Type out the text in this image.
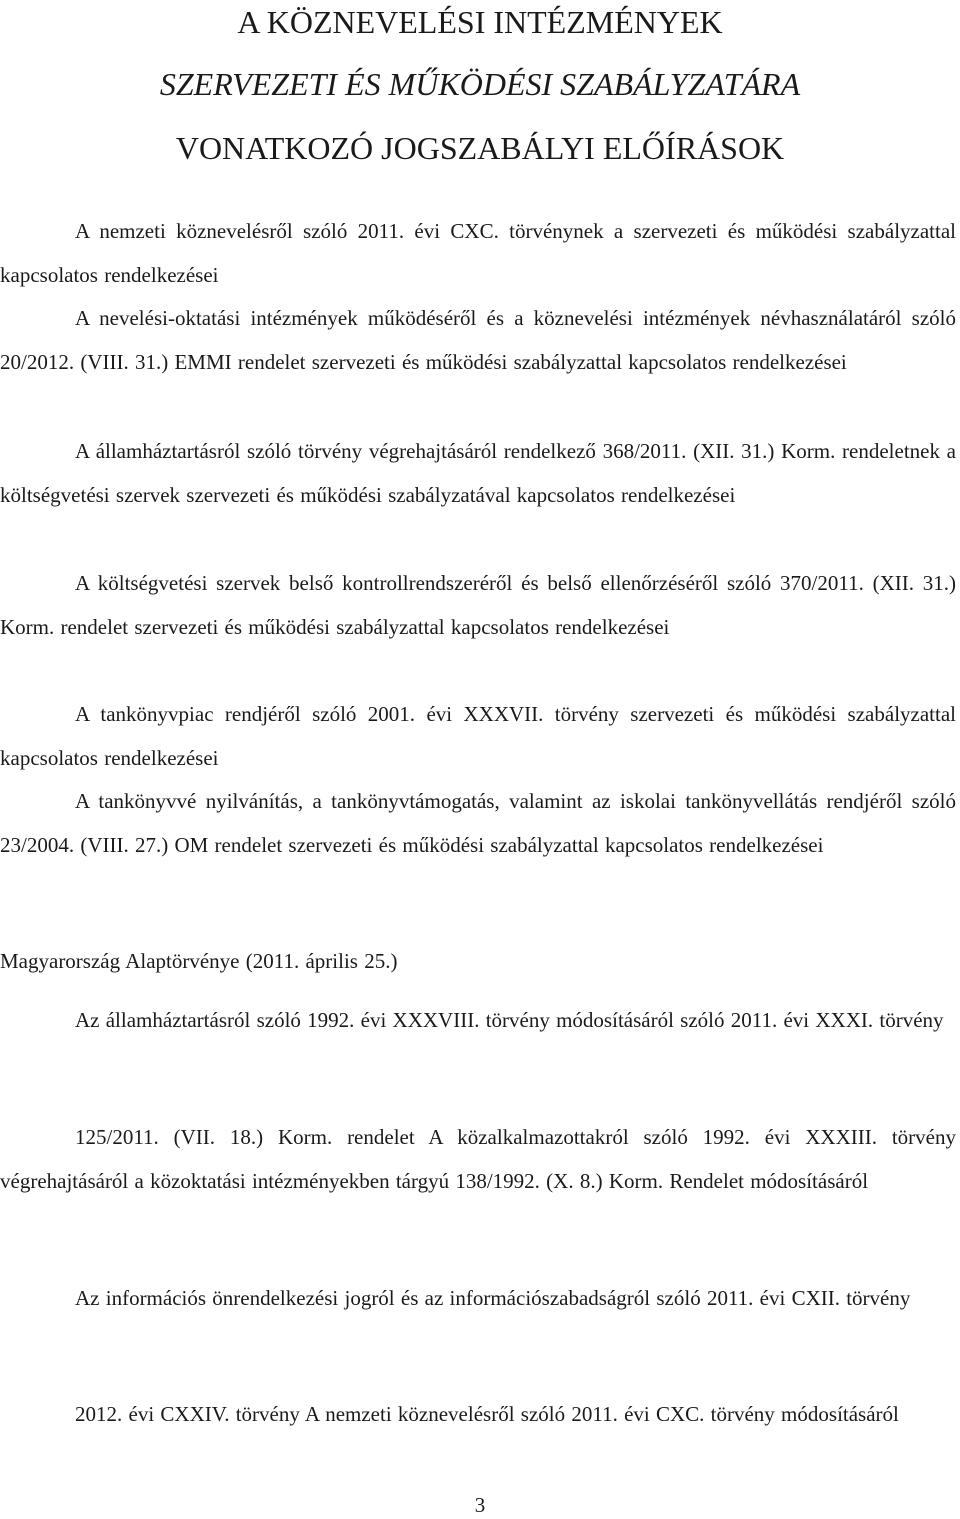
A KÖZNEVELÉSI INTÉZMÉNYEK
SZERVEZETI ÉS MŰKÖDÉSI SZABÁLYZATÁRA
VONATKOZÓ JOGSZABÁLYI ELŐÍRÁSOK

A nemzeti köznevelésről szóló 2011. évi CXC. törvénynek a szervezeti és működési szabályzattal kapcsolatos rendelkezései

A nevelési-oktatási intézmények működéséről és a köznevelési intézmények névhasználatáról szóló 20/2012. (VIII. 31.) EMMI rendelet szervezeti és működési szabályzattal kapcsolatos rendelkezései

A államháztartásról szóló törvény végrehajtásáról rendelkező 368/2011. (XII. 31.) Korm. rendeletnek a költségvetési szervek szervezeti és működési szabályzatával kapcsolatos rendelkezései

A költségvetési szervek belső kontrollrendszeréről és belső ellenőrzéséről szóló 370/2011. (XII. 31.) Korm. rendelet szervezeti és működési szabályzattal kapcsolatos rendelkezései

A tankönyvpiac rendjéről szóló 2001. évi XXXVII. törvény szervezeti és működési szabályzattal kapcsolatos rendelkezései

A tankönyvvé nyilvánítás, a tankönyvtámogatás, valamint az iskolai tankönyvellátás rendjéről szóló 23/2004. (VIII. 27.) OM rendelet szervezeti és működési szabályzattal kapcsolatos rendelkezései

Magyarország Alaptörvénye (2011. április 25.)

Az államháztartásról szóló 1992. évi XXXVIII. törvény módosításáról szóló 2011. évi XXXI. törvény

125/2011. (VII. 18.) Korm. rendelet A közalkalmazottakról szóló 1992. évi XXXIII. törvény végrehajtásáról a közoktatási intézményekben tárgyú 138/1992. (X. 8.) Korm. Rendelet módosításáról

Az információs önrendelkezési jogról és az információszabadságról szóló 2011. évi CXII. törvény

2012. évi CXXIV. törvény A nemzeti köznevelésről szóló 2011. évi CXC. törvény módosításáról

3
